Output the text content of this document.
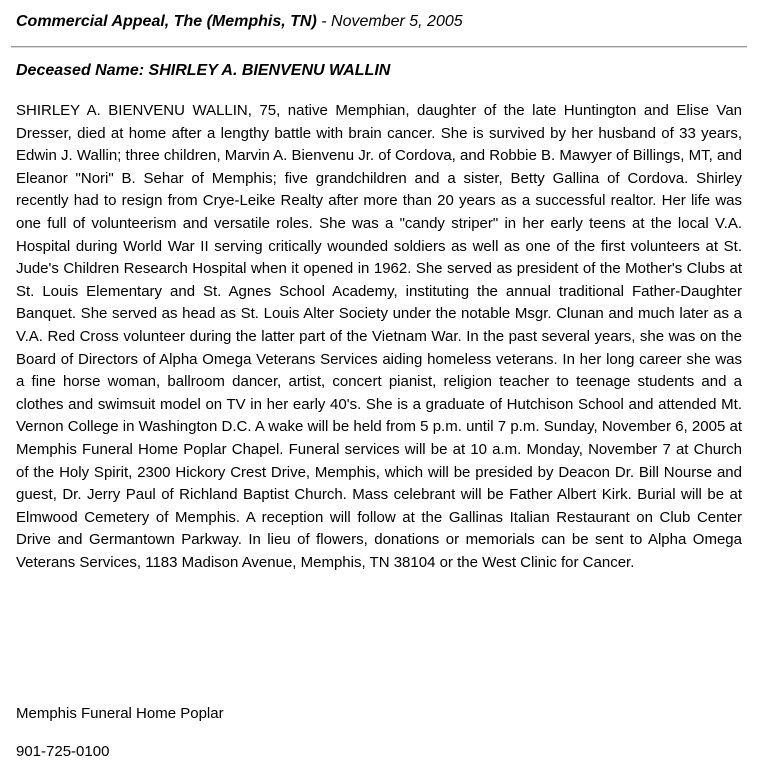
Commercial Appeal, The (Memphis, TN) - November 5, 2005
Deceased Name: SHIRLEY A. BIENVENU WALLIN

SHIRLEY A. BIENVENU WALLIN, 75, native Memphian, daughter of the late Huntington and Elise Van Dresser, died at home after a lengthy battle with brain cancer. She is survived by her husband of 33 years, Edwin J. Wallin; three children, Marvin A. Bienvenu Jr. of Cordova, and Robbie B. Mawyer of Billings, MT, and Eleanor "Nori" B. Sehar of Memphis; five grandchildren and a sister, Betty Gallina of Cordova. Shirley recently had to resign from Crye-Leike Realty after more than 20 years as a successful realtor. Her life was one full of volunteerism and versatile roles. She was a "candy striper" in her early teens at the local V.A. Hospital during World War II serving critically wounded soldiers as well as one of the first volunteers at St. Jude's Children Research Hospital when it opened in 1962. She served as president of the Mother's Clubs at St. Louis Elementary and St. Agnes School Academy, instituting the annual traditional Father-Daughter Banquet. She served as head as St. Louis Alter Society under the notable Msgr. Clunan and much later as a V.A. Red Cross volunteer during the latter part of the Vietnam War. In the past several years, she was on the Board of Directors of Alpha Omega Veterans Services aiding homeless veterans. In her long career she was a fine horse woman, ballroom dancer, artist, concert pianist, religion teacher to teenage students and a clothes and swimsuit model on TV in her early 40's. She is a graduate of Hutchison School and attended Mt. Vernon College in Washington D.C. A wake will be held from 5 p.m. until 7 p.m. Sunday, November 6, 2005 at Memphis Funeral Home Poplar Chapel. Funeral services will be at 10 a.m. Monday, November 7 at Church of the Holy Spirit, 2300 Hickory Crest Drive, Memphis, which will be presided by Deacon Dr. Bill Nourse and guest, Dr. Jerry Paul of Richland Baptist Church. Mass celebrant will be Father Albert Kirk. Burial will be at Elmwood Cemetery of Memphis. A reception will follow at the Gallinas Italian Restaurant on Club Center Drive and Germantown Parkway. In lieu of flowers, donations or memorials can be sent to Alpha Omega Veterans Services, 1183 Madison Avenue, Memphis, TN 38104 or the West Clinic for Cancer.

Memphis Funeral Home Poplar
901-725-0100
